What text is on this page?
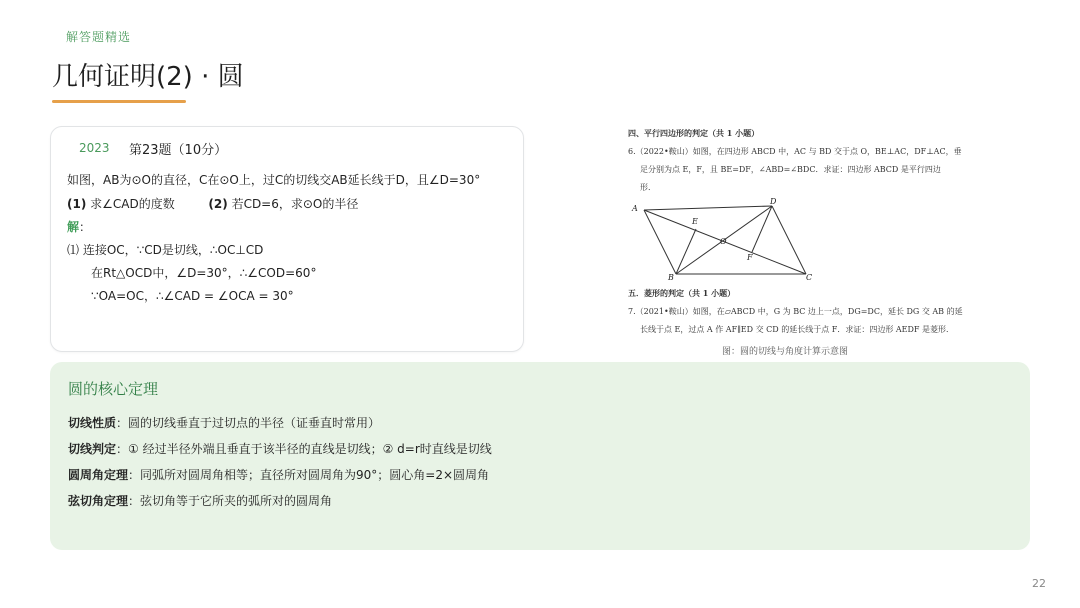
解答题精选
几何证明(2) · 圆
2023 第23题（10分）
如图，AB为⊙O的直径，C在⊙O上，过C的切线交AB延长线于D，且∠D=30°
(1) 求∠CAD的度数	(2) 若CD=6，求⊙O的半径
解：
⑴ 连接OC，∵CD是切线，∴OC⊥CD
在Rt△OCD中，∠D=30°，∴∠COD=60°
∵OA=OC，∴∠CAD = ∠OCA = 30°
四、平行四边形的判定（共 1 小题）
6.（2022•鞍山）如图，在四边形 ABCD 中，AC 与 BD 交于点 O，BE⊥AC，DF⊥AC，垂
足分别为点 E，F，且 BE=DF，∠ABD=∠BDC．求证：四边形 ABCD 是平行四边
形．
A
D
E
O
F
B	C
五．菱形的判定（共 1 小题）
7.（2021•鞍山）如图，在▱ABCD 中，G 为 BC 边上一点，DG=DC，延长 DG 交 AB 的延
长线于点 E，过点 A 作 AF∥ED 交 CD 的延长线于点 F．求证：四边形 AEDF 是菱形．
图：圆的切线与角度计算示意图
圆的核心定理
切线性质：圆的切线垂直于过切点的半径（证垂直时常用）
切线判定：① 经过半径外端且垂直于该半径的直线是切线；② d=r时直线是切线
圆周角定理：同弧所对圆周角相等；直径所对圆周角为90°；圆心角=2×圆周角
弦切角定理：弦切角等于它所夹的弧所对的圆周角
22
